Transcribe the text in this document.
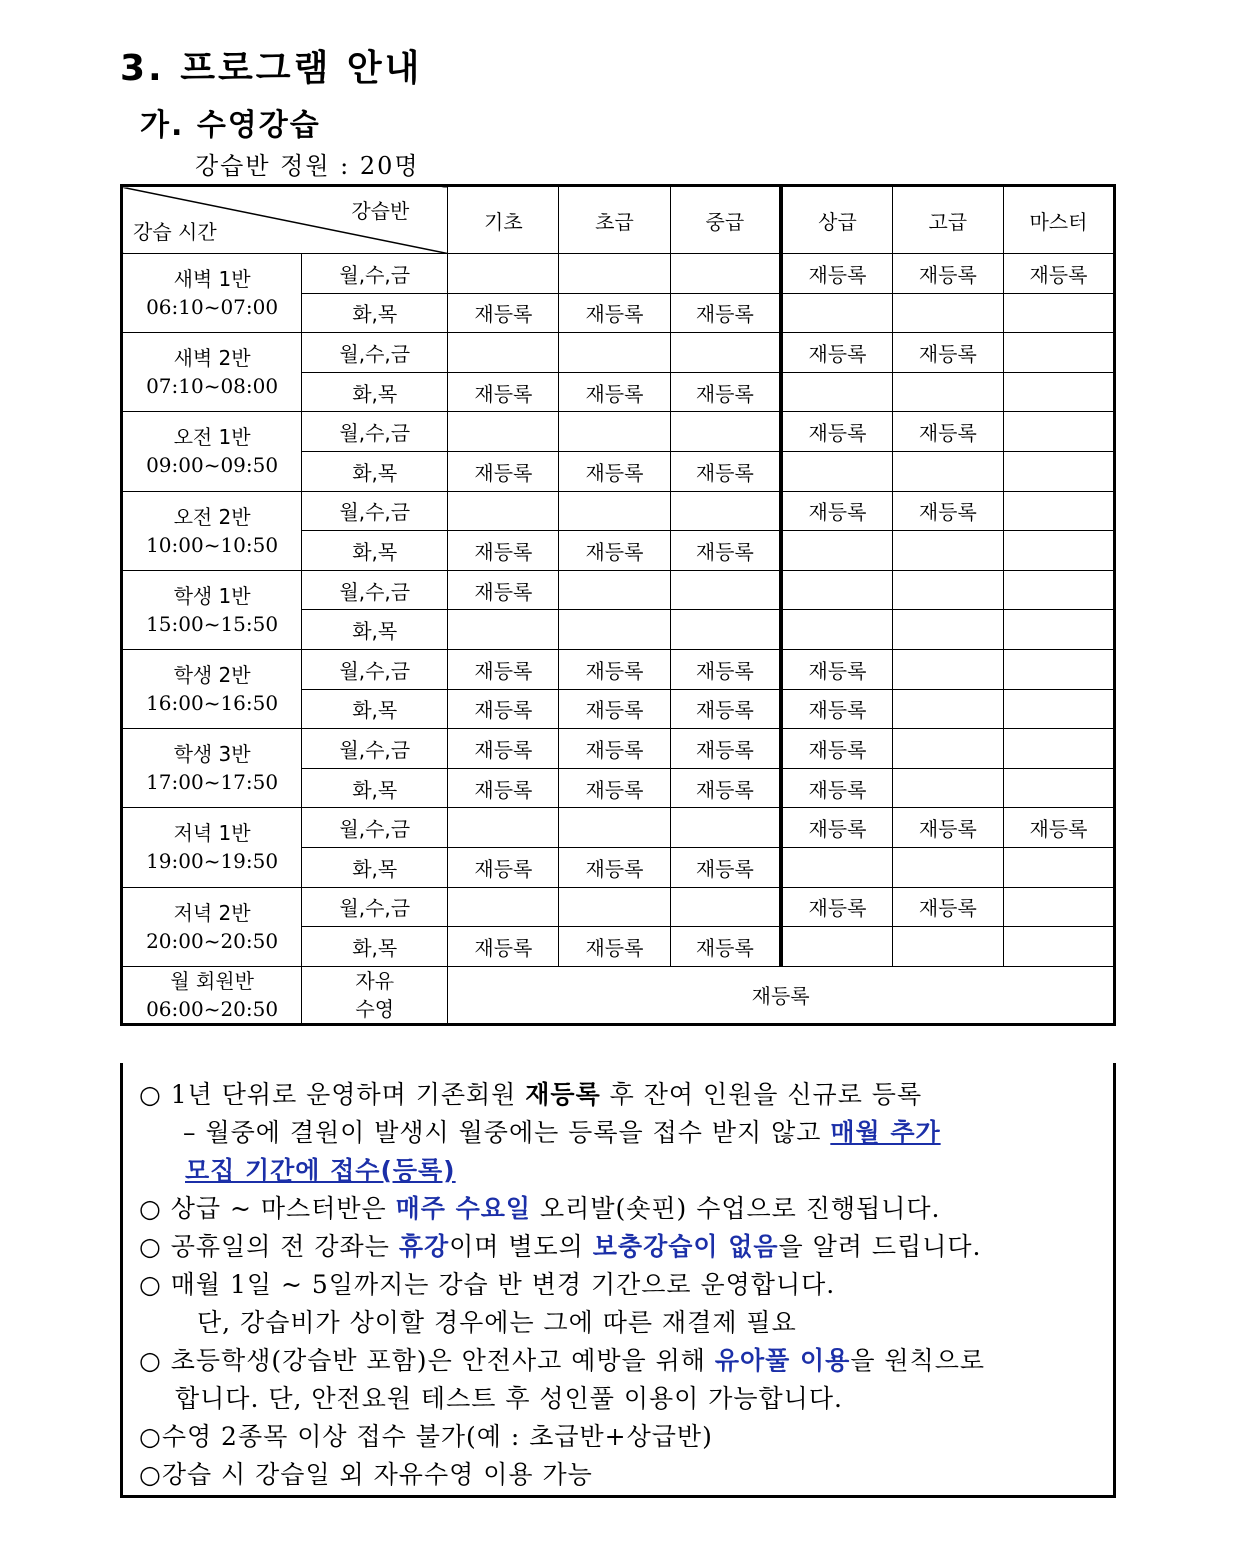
3. 프로그램 안내
가. 수영강습
강습반 정원 : 20명
강습반
강습 시간		기초	초급	중급	상급	고급	마스터

새벽 1반
06:10~07:00	월,수,금				재등록	재등록	재등록
	화,목	재등록	재등록	재등록			

새벽 2반
07:10~08:00	월,수,금				재등록	재등록	
	화,목	재등록	재등록	재등록			

오전 1반
09:00~09:50	월,수,금				재등록	재등록	
	화,목	재등록	재등록	재등록			

오전 2반
10:00~10:50	월,수,금				재등록	재등록	
	화,목	재등록	재등록	재등록			

학생 1반
15:00~15:50	월,수,금	재등록					
	화,목						

학생 2반
16:00~16:50	월,수,금	재등록	재등록	재등록	재등록		
	화,목	재등록	재등록	재등록	재등록		

학생 3반
17:00~17:50	월,수,금	재등록	재등록	재등록	재등록		
	화,목	재등록	재등록	재등록	재등록		

저녁 1반
19:00~19:50	월,수,금				재등록	재등록	재등록
	화,목	재등록	재등록	재등록			

저녁 2반
20:00~20:50	월,수,금				재등록	재등록	
	화,목	재등록	재등록	재등록			

월 회원반
06:00~20:50	자유
수영	재등록					
○ 1년 단위로 운영하며 기존회원 재등록 후 잔여 인원을 신규로 등록
– 월중에 결원이 발생시 월중에는 등록을 접수 받지 않고 매월 추가
모집 기간에 접수(등록)
○ 상급 ~ 마스터반은 매주 수요일 오리발(숏핀) 수업으로 진행됩니다.
○ 공휴일의 전 강좌는 휴강이며 별도의 보충강습이 없음을 알려 드립니다.
○ 매월 1일 ~ 5일까지는 강습 반 변경 기간으로 운영합니다.
단, 강습비가 상이할 경우에는 그에 따른 재결제 필요
○ 초등학생(강습반 포함)은 안전사고 예방을 위해 유아풀 이용을 원칙으로
합니다. 단, 안전요원 테스트 후 성인풀 이용이 가능합니다.
○수영 2종목 이상 접수 불가(예 : 초급반+상급반)
○강습 시 강습일 외 자유수영 이용 가능
